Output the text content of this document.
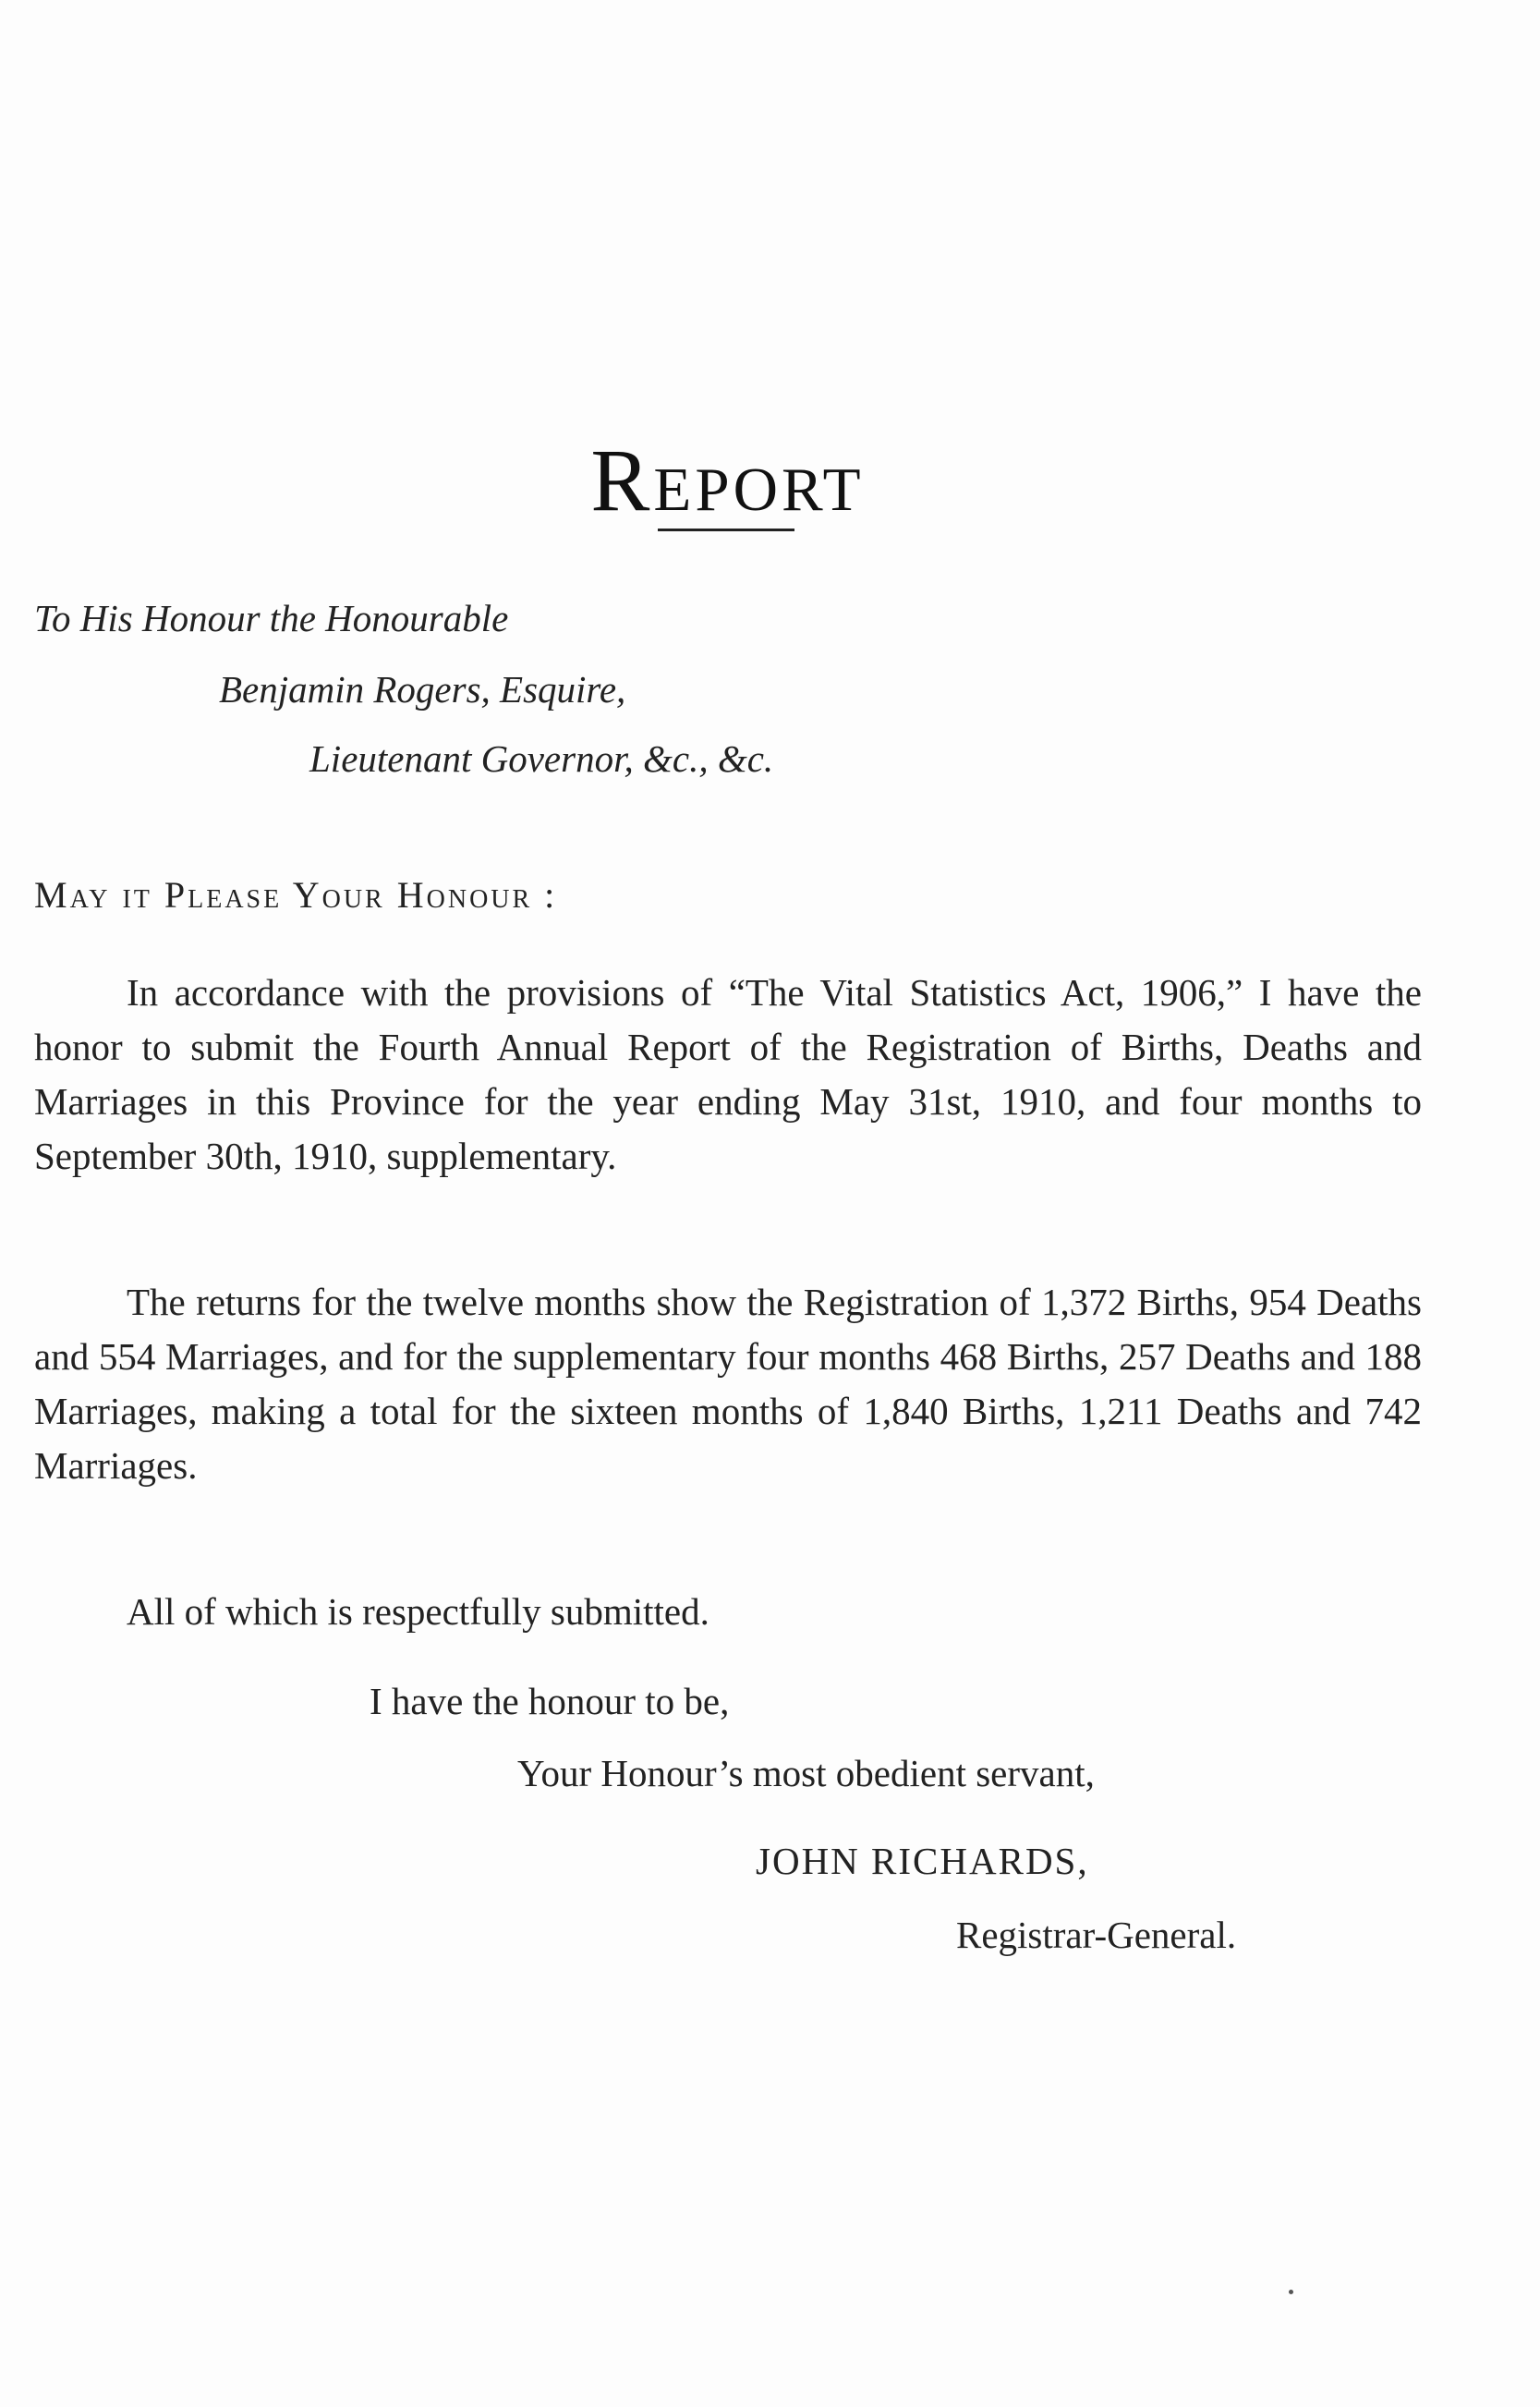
Report
To His Honour the Honourable
Benjamin Rogers, Esquire,
Lieutenant Governor, &c., &c.
May it Please Your Honour :

In accordance with the provisions of “The Vital Statistics Act, 1906,” I have the honor to submit the Fourth Annual Report of the Registration of Births, Deaths and Marriages in this Province for the year ending May 31st, 1910, and four months to September 30th, 1910, supplementary.

The returns for the twelve months show the Registration of 1,372 Births, 954 Deaths and 554 Marriages, and for the supplementary four months 468 Births, 257 Deaths and 188 Marriages, making a total for the sixteen months of 1,840 Births, 1,211 Deaths and 742 Marriages.

All of which is respectfully submitted.
I have the honour to be,
Your Honour’s most obedient servant,
JOHN RICHARDS,
Registrar-General.
